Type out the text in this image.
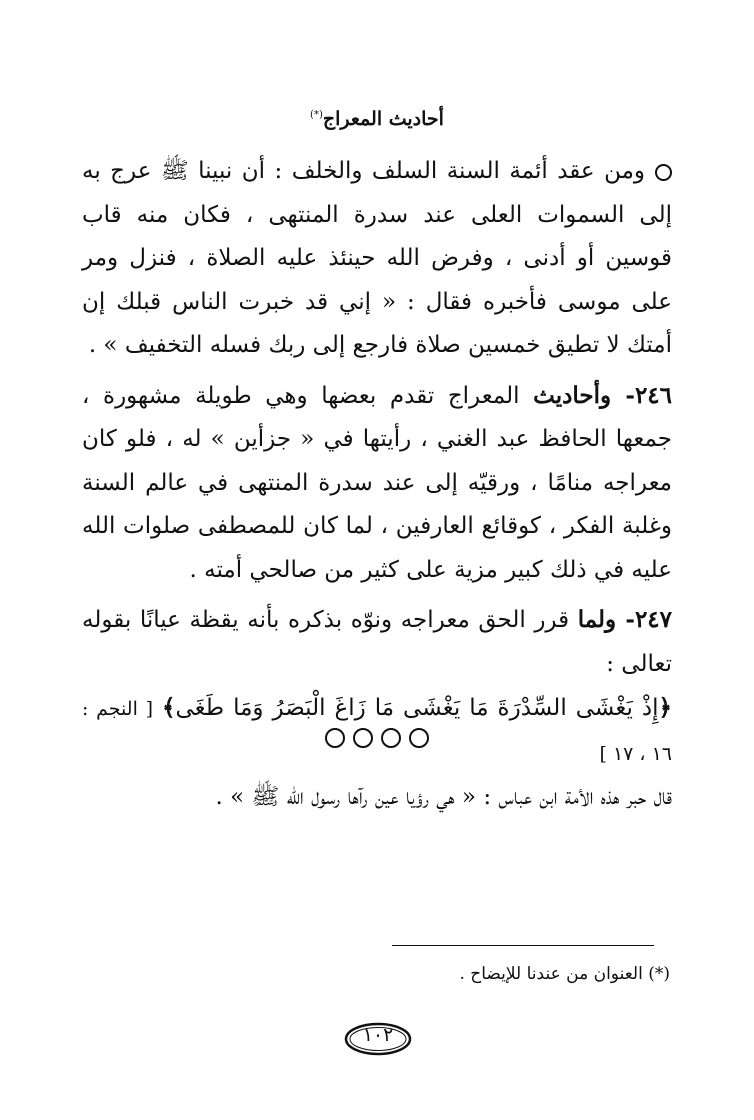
أحاديث المعراج(*)

ومن عقد أئمة السنة السلف والخلف : أن نبينا ﷺ عرج به إلى السموات العلى عند سدرة المنتهى ، فكان منه قاب قوسين أو أدنى ، وفرض الله حينئذ عليه الصلاة ، فنزل ومر على موسى فأخبره فقال : « إني قد خبرت الناس قبلك إن أمتك لا تطيق خمسين صلاة فارجع إلى ربك فسله التخفيف » .

٢٤٦- وأحاديث المعراج تقدم بعضها وهي طويلة مشهورة ، جمعها الحافظ عبد الغني ، رأيتها في « جزأين » له ، فلو كان معراجه منامًا ، ورقيّه إلى عند سدرة المنتهى في عالم السنة وغلبة الفكر ، كوقائع العارفين ، لما كان للمصطفى صلوات الله عليه في ذلك كبير مزية على كثير من صالحي أمته .

٢٤٧- ولما قرر الحق معراجه ونوّه بذكره بأنه يقظة عيانًا بقوله تعالى :
﴿إِذْ يَغْشَى السِّدْرَةَ مَا يَغْشَى مَا زَاغَ الْبَصَرُ وَمَا طَغَى﴾ [ النجم : ١٦ ، ١٧ ]
قال حبر هذه الأمة ابن عباس : « هي رؤيا عين رآها رسول الله ﷺ » .

(*) العنوان من عندنا للإيضاح .
١٠٢
